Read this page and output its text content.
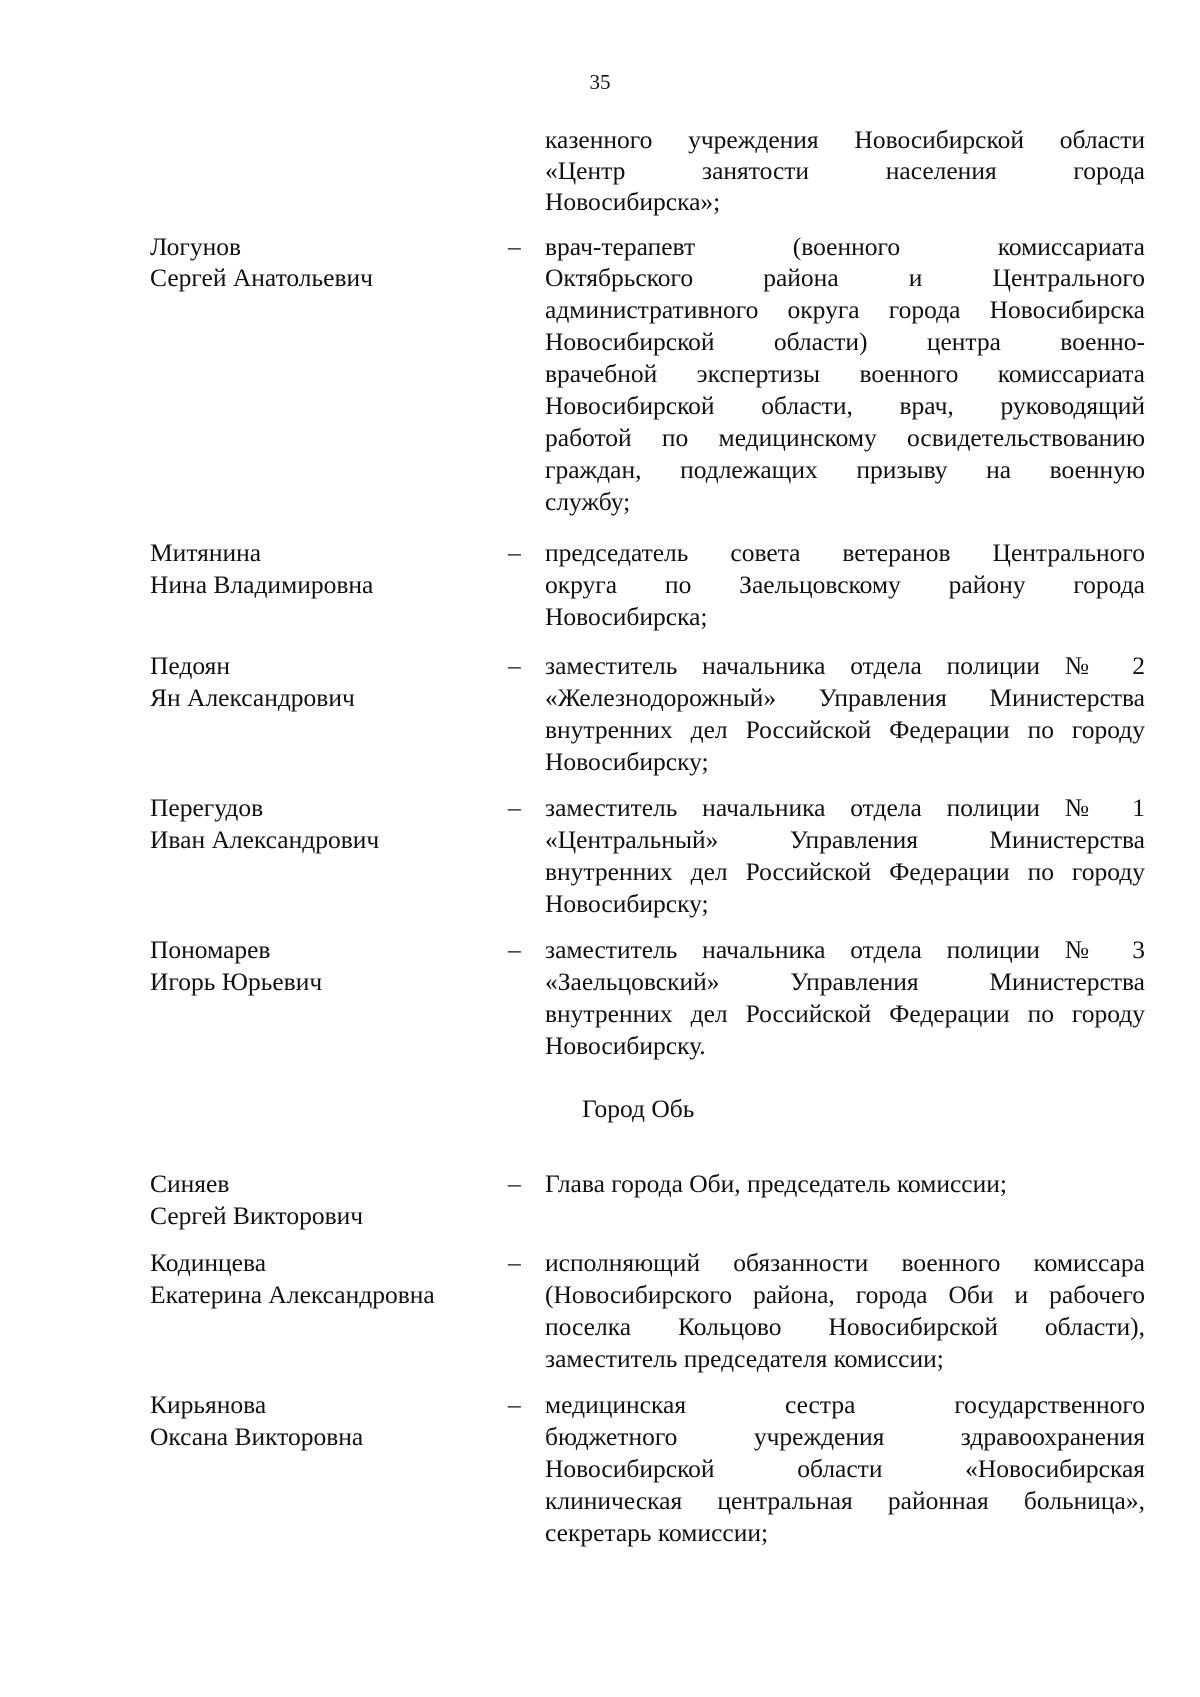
35
казенного учреждения Новосибирской области
«Центр занятости населения города
Новосибирска»;
Логунов
Сергей Анатольевич
– врач-терапевт (военного комиссариата
Октябрьского района и Центрального
административного округа города Новосибирска
Новосибирской области) центра военно-
врачебной экспертизы военного комиссариата
Новосибирской области, врач, руководящий
работой по медицинскому освидетельствованию
граждан, подлежащих призыву на военную
службу;
Митянина
Нина Владимировна
– председатель совета ветеранов Центрального
округа по Заельцовскому району города
Новосибирска;
Педоян
Ян Александрович
– заместитель начальника отдела полиции № 2
«Железнодорожный» Управления Министерства
внутренних дел Российской Федерации по городу
Новосибирску;
Перегудов
Иван Александрович
– заместитель начальника отдела полиции № 1
«Центральный» Управления Министерства
внутренних дел Российской Федерации по городу
Новосибирску;
Пономарев
Игорь Юрьевич
– заместитель начальника отдела полиции № 3
«Заельцовский» Управления Министерства
внутренних дел Российской Федерации по городу
Новосибирску.
Город Обь
Синяев
Сергей Викторович
– Глава города Оби, председатель комиссии;
Кодинцева
Екатерина Александровна
– исполняющий обязанности военного комиссара
(Новосибирского района, города Оби и рабочего
поселка Кольцово Новосибирской области),
заместитель председателя комиссии;
Кирьянова
Оксана Викторовна
– медицинская сестра государственного
бюджетного учреждения здравоохранения
Новосибирской области «Новосибирская
клиническая центральная районная больница»,
секретарь комиссии;
